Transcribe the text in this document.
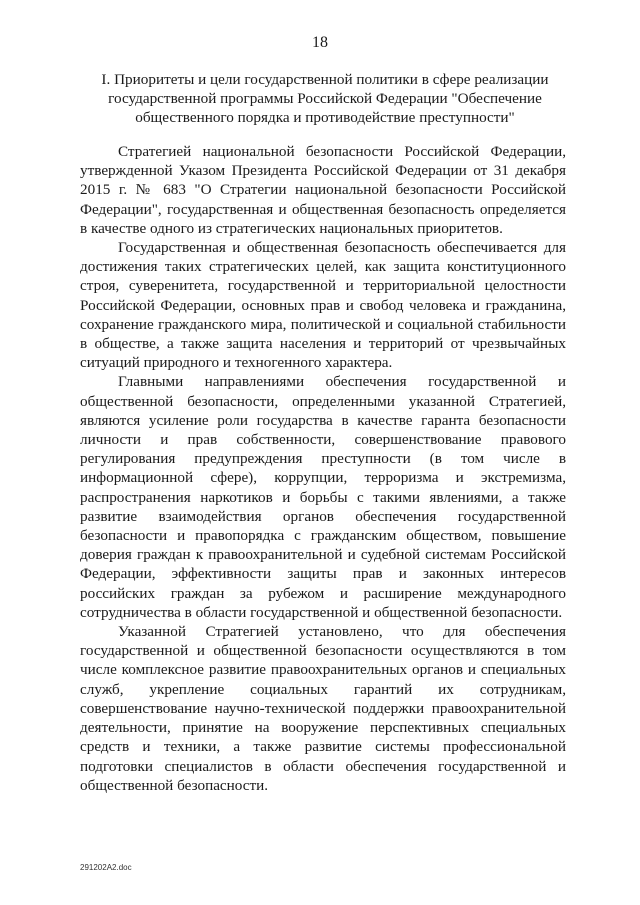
18
I. Приоритеты и цели государственной политики в сфере реализации государственной программы Российской Федерации "Обеспечение общественного порядка и противодействие преступности"

Стратегией национальной безопасности Российской Федерации, утвержденной Указом Президента Российской Федерации от 31 декабря 2015 г. № 683 "О Стратегии национальной безопасности Российской Федерации", государственная и общественная безопасность определяется в качестве одного из стратегических национальных приоритетов.

Государственная и общественная безопасность обеспечивается для достижения таких стратегических целей, как защита конституционного строя, суверенитета, государственной и территориальной целостности Российской Федерации, основных прав и свобод человека и гражданина, сохранение гражданского мира, политической и социальной стабильности в обществе, а также защита населения и территорий от чрезвычайных ситуаций природного и техногенного характера.

Главными направлениями обеспечения государственной и общественной безопасности, определенными указанной Стратегией, являются усиление роли государства в качестве гаранта безопасности личности и прав собственности, совершенствование правового регулирования предупреждения преступности (в том числе в информационной сфере), коррупции, терроризма и экстремизма, распространения наркотиков и борьбы с такими явлениями, а также развитие взаимодействия органов обеспечения государственной безопасности и правопорядка с гражданским обществом, повышение доверия граждан к правоохранительной и судебной системам Российской Федерации, эффективности защиты прав и законных интересов российских граждан за рубежом и расширение международного сотрудничества в области государственной и общественной безопасности.

Указанной Стратегией установлено, что для обеспечения государственной и общественной безопасности осуществляются в том числе комплексное развитие правоохранительных органов и специальных служб, укрепление социальных гарантий их сотрудникам, совершенствование научно-технической поддержки правоохранительной деятельности, принятие на вооружение перспективных специальных средств и техники, а также развитие системы профессиональной подготовки специалистов в области обеспечения государственной и общественной безопасности.

291202A2.doc
